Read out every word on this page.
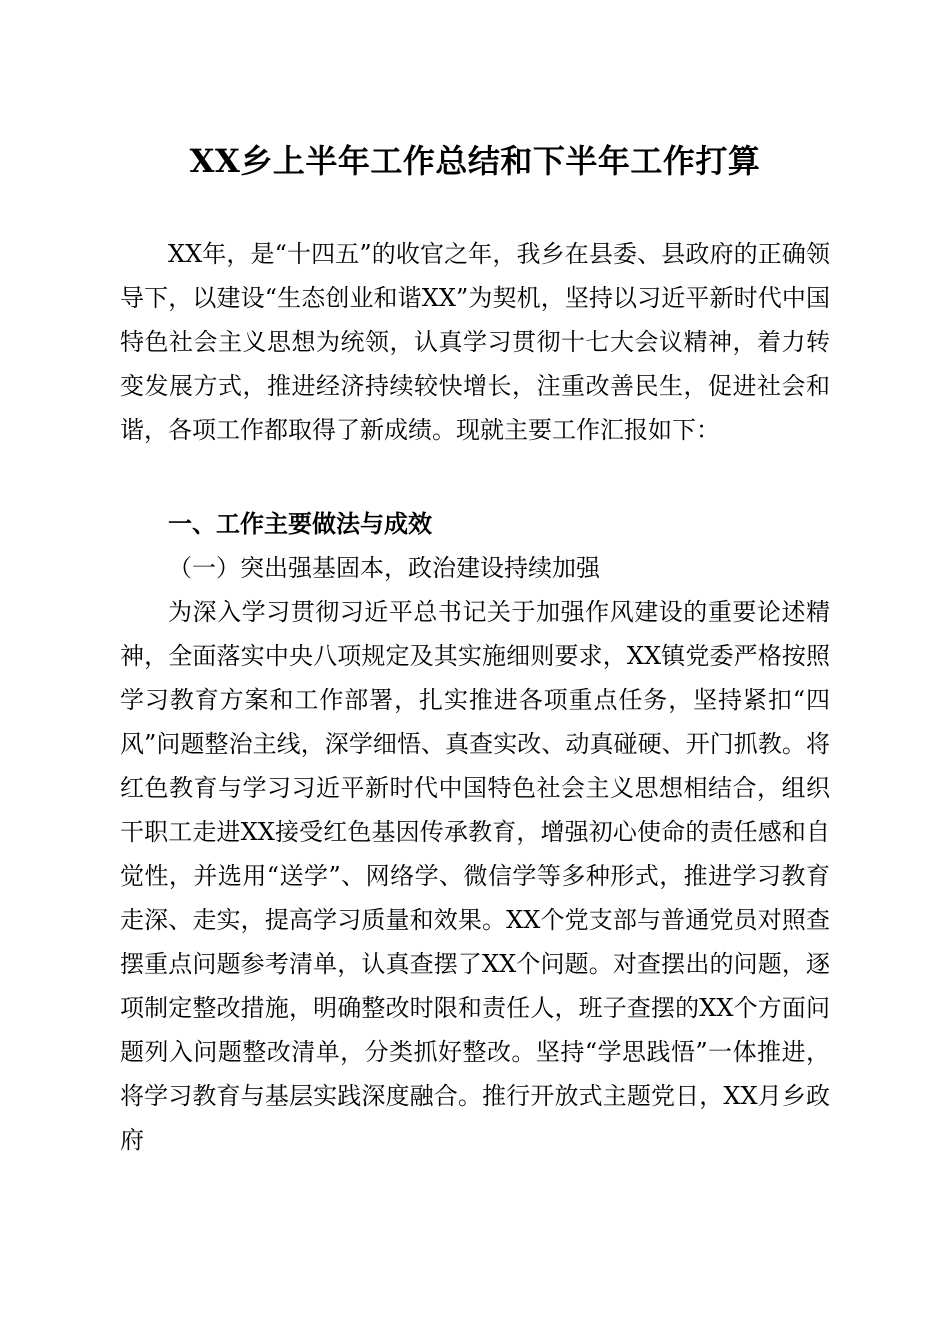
XX乡上半年工作总结和下半年工作打算

XX年，是“十四五”的收官之年，我乡在县委、县政府的正确领导下，以建设“生态创业和谐XX”为契机，坚持以习近平新时代中国特色社会主义思想为统领，认真学习贯彻十七大会议精神，着力转变发展方式，推进经济持续较快增长，注重改善民生，促进社会和谐，各项工作都取得了新成绩。现就主要工作汇报如下：

一、工作主要做法与成效

（一）突出强基固本，政治建设持续加强

为深入学习贯彻习近平总书记关于加强作风建设的重要论述精神，全面落实中央八项规定及其实施细则要求，XX镇党委严格按照学习教育方案和工作部署，扎实推进各项重点任务，坚持紧扣“四风”问题整治主线，深学细悟、真查实改、动真碰硬、开门抓教。将红色教育与学习习近平新时代中国特色社会主义思想相结合，组织干职工走进XX接受红色基因传承教育，增强初心使命的责任感和自觉性，并选用“送学”、网络学、微信学等多种形式，推进学习教育走深、走实，提高学习质量和效果。XX个党支部与普通党员对照查摆重点问题参考清单，认真查摆了XX个问题。对查摆出的问题，逐项制定整改措施，明确整改时限和责任人，班子查摆的XX个方面问题列入问题整改清单，分类抓好整改。坚持“学思践悟”一体推进，将学习教育与基层实践深度融合。推行开放式主题党日，XX月乡政府
